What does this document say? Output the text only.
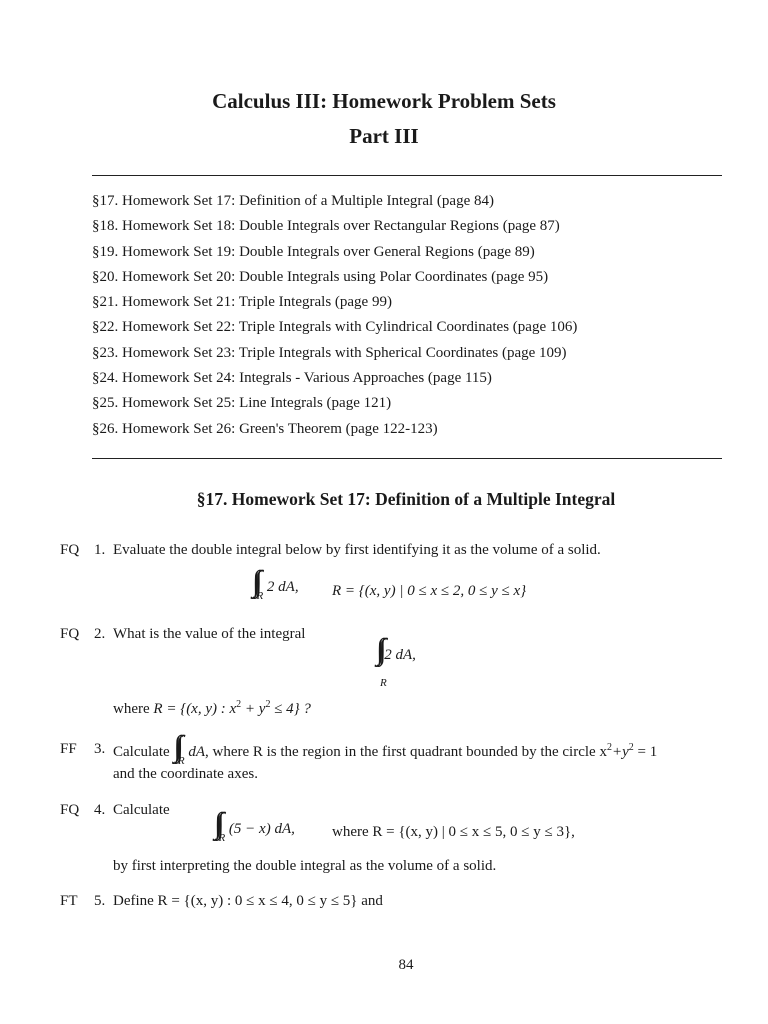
Calculus III: Homework Problem Sets
Part III
§17. Homework Set 17: Definition of a Multiple Integral (page 84)
§18. Homework Set 18: Double Integrals over Rectangular Regions (page 87)
§19. Homework Set 19: Double Integrals over General Regions (page 89)
§20. Homework Set 20: Double Integrals using Polar Coordinates (page 95)
§21. Homework Set 21: Triple Integrals (page 99)
§22. Homework Set 22: Triple Integrals with Cylindrical Coordinates (page 106)
§23. Homework Set 23: Triple Integrals with Spherical Coordinates (page 109)
§24. Homework Set 24: Integrals - Various Approaches (page 115)
§25. Homework Set 25: Line Integrals (page 121)
§26. Homework Set 26: Green's Theorem (page 122-123)
§17. Homework Set 17: Definition of a Multiple Integral
FQ 1. Evaluate the double integral below by first identifying it as the volume of a solid.
$\int\int_R$ 2 dA, R = {(x, y) | 0 ≤ x ≤ 2, 0 ≤ y ≤ x}
FQ 2. What is the value of the integral ∫∫ 2 dA,
R
where R = {(x, y) : $x^2 + y^2 \le 4$} ?
FF 3. Calculate $\int\int_R$ dA, where R is the region in the first quadrant bounded by the circle $x^2+y^2 = 1$
and the coordinate axes.
FQ 4. Calculate $\int\int_R$ (5 − x) dA, where R = {(x, y) | 0 ≤ x ≤ 5, 0 ≤ y ≤ 3},
by first interpreting the double integral as the volume of a solid.
FT 5. Define R = {(x, y) : 0 ≤ x ≤ 4, 0 ≤ y ≤ 5} and
84
